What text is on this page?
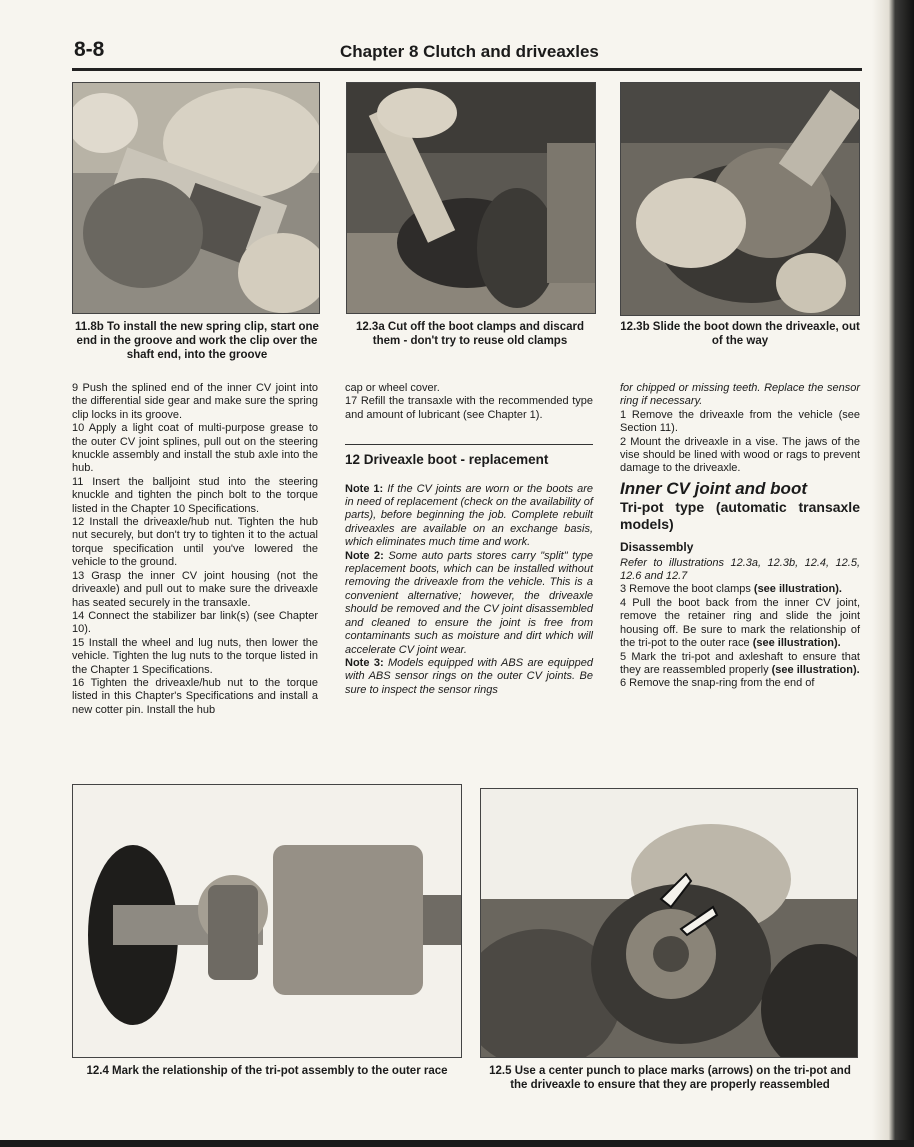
8-8	Chapter 8 Clutch and driveaxles
11.8b To install the new spring clip, start one end in the groove and work the clip over the shaft end, into the groove
12.3a Cut off the boot clamps and discard them - don't try to reuse old clamps
12.3b Slide the boot down the driveaxle, out of the way

9 Push the splined end of the inner CV joint into the differential side gear and make sure the spring clip locks in its groove.

10 Apply a light coat of multi-purpose grease to the outer CV joint splines, pull out on the steering knuckle assembly and install the stub axle into the hub.

11 Insert the balljoint stud into the steering knuckle and tighten the pinch bolt to the torque listed in the Chapter 10 Specifications.

12 Install the driveaxle/hub nut. Tighten the hub nut securely, but don't try to tighten it to the actual torque specification until you've lowered the vehicle to the ground.

13 Grasp the inner CV joint housing (not the driveaxle) and pull out to make sure the driveaxle has seated securely in the transaxle.

14 Connect the stabilizer bar link(s) (see Chapter 10).

15 Install the wheel and lug nuts, then lower the vehicle. Tighten the lug nuts to the torque listed in the Chapter 1 Specifications.

16 Tighten the driveaxle/hub nut to the torque listed in this Chapter's Specifications and install a new cotter pin. Install the hub

cap or wheel cover.

17 Refill the transaxle with the recommended type and amount of lubricant (see Chapter 1).

12 Driveaxle boot - replacement

Note 1: If the CV joints are worn or the boots are in need of replacement (check on the availability of parts), before beginning the job. Complete rebuilt driveaxles are available on an exchange basis, which eliminates much time and work.

Note 2: Some auto parts stores carry "split" type replacement boots, which can be installed without removing the driveaxle from the vehicle. This is a convenient alternative; however, the driveaxle should be removed and the CV joint disassembled and cleaned to ensure the joint is free from contaminants such as moisture and dirt which will accelerate CV joint wear.

Note 3: Models equipped with ABS are equipped with ABS sensor rings on the outer CV joints. Be sure to inspect the sensor rings

for chipped or missing teeth. Replace the sensor ring if necessary.

1 Remove the driveaxle from the vehicle (see Section 11).

2 Mount the driveaxle in a vise. The jaws of the vise should be lined with wood or rags to prevent damage to the driveaxle.

Inner CV joint and boot
Tri-pot type (automatic transaxle models)
Disassembly

Refer to illustrations 12.3a, 12.3b, 12.4, 12.5, 12.6 and 12.7

3 Remove the boot clamps (see illustration).

4 Pull the boot back from the inner CV joint, remove the retainer ring and slide the joint housing off. Be sure to mark the relationship of the tri-pot to the outer race (see illustration).

5 Mark the tri-pot and axleshaft to ensure that they are reassembled properly (see illustration).

6 Remove the snap-ring from the end of

12.4 Mark the relationship of the tri-pot assembly to the outer race	12.5 Use a center punch to place marks (arrows) on the tri-pot and the driveaxle to ensure that they are properly reassembled
